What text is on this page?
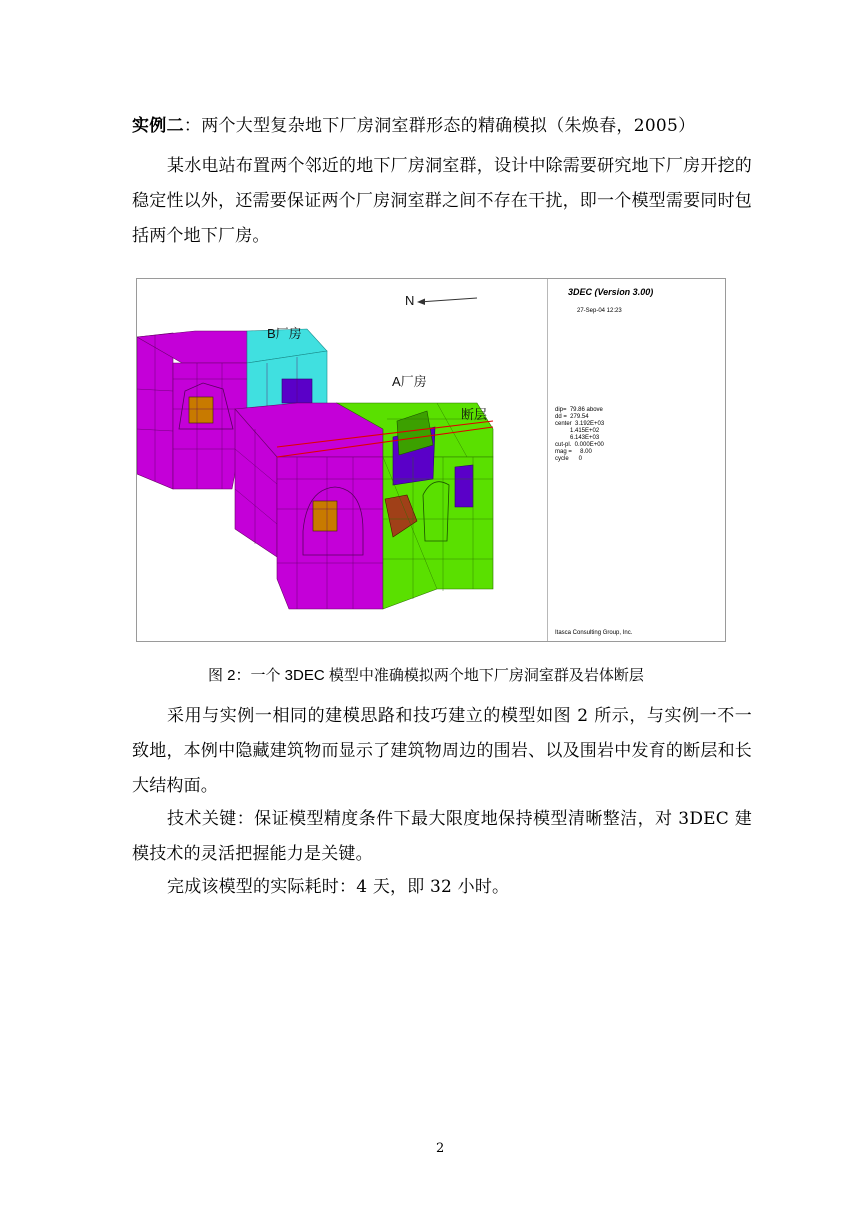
实例二：两个大型复杂地下厂房洞室群形态的精确模拟（朱焕春，2005）
某水电站布置两个邻近的地下厂房洞室群，设计中除需要研究地下厂房开挖的稳定性以外，还需要保证两个厂房洞室群之间不存在干扰，即一个模型需要同时包括两个地下厂房。
N
B厂房
A厂房
断层
3DEC (Version 3.00)
27-Sep-04 12:23
dip=  79.86 above
dd =  279.54
center  3.192E+03
1.415E+02
6.143E+03
cut-pl.  0.000E+00
mag =     8.00
cycle      0
Itasca Consulting Group, Inc.
图 2：一个 3DEC 模型中准确模拟两个地下厂房洞室群及岩体断层
采用与实例一相同的建模思路和技巧建立的模型如图 2 所示，与实例一不一致地，本例中隐藏建筑物而显示了建筑物周边的围岩、以及围岩中发育的断层和长大结构面。
技术关键：保证模型精度条件下最大限度地保持模型清晰整洁，对 3DEC 建模技术的灵活把握能力是关键。
完成该模型的实际耗时：4 天，即 32 小时。
2
